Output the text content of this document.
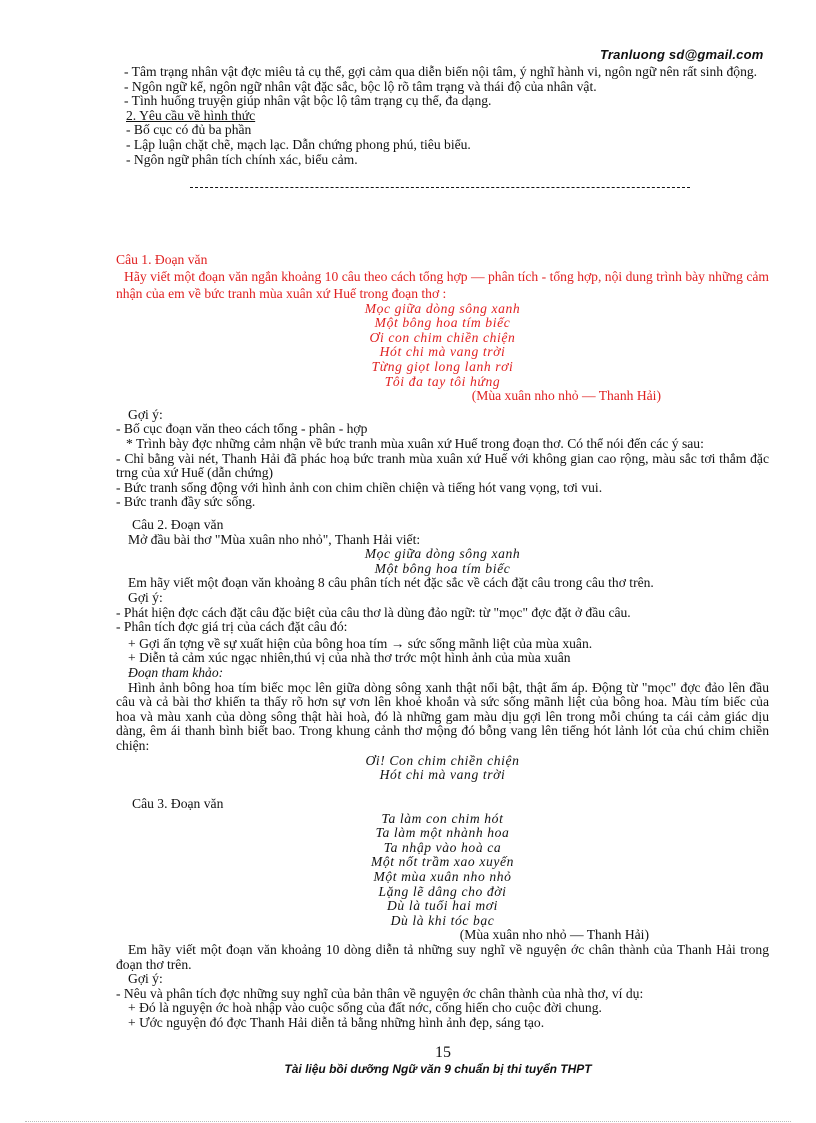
Tranluong sd@gmail.com
- Tâm trạng nhân vật đợc miêu tả cụ thể, gợi cảm qua diễn biến nội tâm, ý nghĩ hành vi, ngôn ngữ nên rất sinh động.
- Ngôn ngữ kể, ngôn ngữ nhân vật đặc sắc, bộc lộ rõ tâm trạng và thái độ của nhân vật.
- Tình huống truyện giúp nhân vật bộc lộ tâm trạng cụ thể, đa dạng.
2. Yêu cầu về hình thức
- Bố cục có đủ ba phần
- Lập luận chặt chẽ, mạch lạc. Dẫn chứng phong phú, tiêu biểu.
- Ngôn ngữ phân tích chính xác, biểu cảm.
Câu 1. Đoạn văn
Hãy viết một đoạn văn ngắn khoảng 10 câu theo cách tổng hợp — phân tích - tổng hợp, nội dung trình bày những cảm nhận của em về bức tranh mùa xuân xứ Huế trong đoạn thơ :
Mọc giữa dòng sông xanh
Một bông hoa tím biếc
Ơi con chim chiền chiện
Hót chi mà vang trời
Từng giọt long lanh rơi
Tôi đa tay tôi hứng
(Mùa xuân nho nhỏ — Thanh Hải)
Gợi ý:
- Bố cục đoạn văn theo cách tổng - phân - hợp
* Trình bày đợc những cảm nhận về bức tranh mùa xuân xứ Huế trong đoạn thơ. Có thể nói đến các ý sau:
- Chỉ bằng vài nét, Thanh Hải đã phác hoạ bức tranh mùa xuân xứ Huế với không gian cao rộng, màu sắc tơi thắm đặc trng của xứ Huế (dẫn chứng)
- Bức tranh sống động với hình ảnh con chim chiền chiện và tiếng hót vang vọng, tơi vui.
- Bức tranh đầy sức sống.
Câu 2. Đoạn văn
Mở đầu bài thơ "Mùa xuân nho nhỏ", Thanh Hải viết:
Mọc giữa dòng sông xanh
Một bông hoa tím biếc
Em hãy viết một đoạn văn khoảng 8 câu phân tích nét đặc sắc về cách đặt câu trong câu thơ trên.
Gợi ý:
- Phát hiện đợc cách đặt câu đặc biệt của câu thơ là dùng đảo ngữ: từ "mọc" đợc đặt ở đầu câu.
- Phân tích đợc giá trị của cách đặt câu đó:
+ Gợi ấn tợng về sự xuất hiện của bông hoa tím → sức sống mãnh liệt của mùa xuân.
+ Diễn tả cảm xúc ngạc nhiên,thú vị của nhà thơ trớc một hình ảnh của mùa xuân
Đoạn tham khảo:
Hình ảnh bông hoa tím biếc mọc lên giữa dòng sông xanh thật nổi bật, thật ấm áp. Động từ "mọc" đợc đảo lên đầu câu và cả bài thơ khiến ta thấy rõ hơn sự vơn lên khoẻ khoắn và sức sống mãnh liệt của bông hoa. Màu tím biếc của hoa và màu xanh của dòng sông thật hài hoà, đó là những gam màu dịu gợi lên trong mỗi chúng ta cái cảm giác dịu dàng, êm ái thanh bình biết bao. Trong khung cảnh thơ mộng đó bỗng vang lên tiếng hót lảnh lót của chú chim chiền chiện:
Ơi! Con chim chiền chiện
Hót chi mà vang trời
Câu 3. Đoạn văn
Ta làm con chim hót
Ta làm một nhành hoa
Ta nhập vào hoà ca
Một nốt trầm xao xuyến
Một mùa xuân nho nhỏ
Lặng lẽ dâng cho đời
Dù là tuổi hai mơi
Dù là khi tóc bạc
(Mùa xuân nho nhỏ — Thanh Hải)
Em hãy viết một đoạn văn khoảng 10 dòng diễn tả những suy nghĩ về nguyện ớc chân thành của Thanh Hải trong đoạn thơ trên.
Gợi ý:
- Nêu và phân tích đợc những suy nghĩ của bản thân về nguyện ớc chân thành của nhà thơ, ví dụ:
+ Đó là nguyện ớc hoà nhập vào cuộc sống của đất nớc, cống hiến cho cuộc đời chung.
+ Ước nguyện đó đợc Thanh Hải diễn tả bằng những hình ảnh đẹp, sáng tạo.
15
Tài liệu bồi dưỡng Ngữ văn 9 chuẩn bị thi tuyển THPT
